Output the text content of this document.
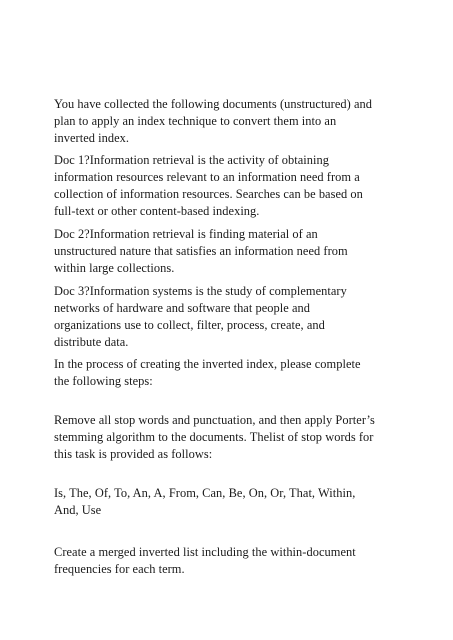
You have collected the following documents (unstructured) and
plan to apply an index technique to convert them into an
inverted index.

Doc 1?Information retrieval is the activity of obtaining
information resources relevant to an information need from a
collection of information resources. Searches can be based on
full-text or other content-based indexing.

Doc 2?Information retrieval is finding material of an
unstructured nature that satisfies an information need from
within large collections.

Doc 3?Information systems is the study of complementary
networks of hardware and software that people and
organizations use to collect, filter, process, create, and
distribute data.

In the process of creating the inverted index, please complete
the following steps:

Remove all stop words and punctuation, and then apply Porter’s
stemming algorithm to the documents. Thelist of stop words for
this task is provided as follows:

Is, The, Of, To, An, A, From, Can, Be, On, Or, That, Within,
And, Use

Create a merged inverted list including the within-document
frequencies for each term.
